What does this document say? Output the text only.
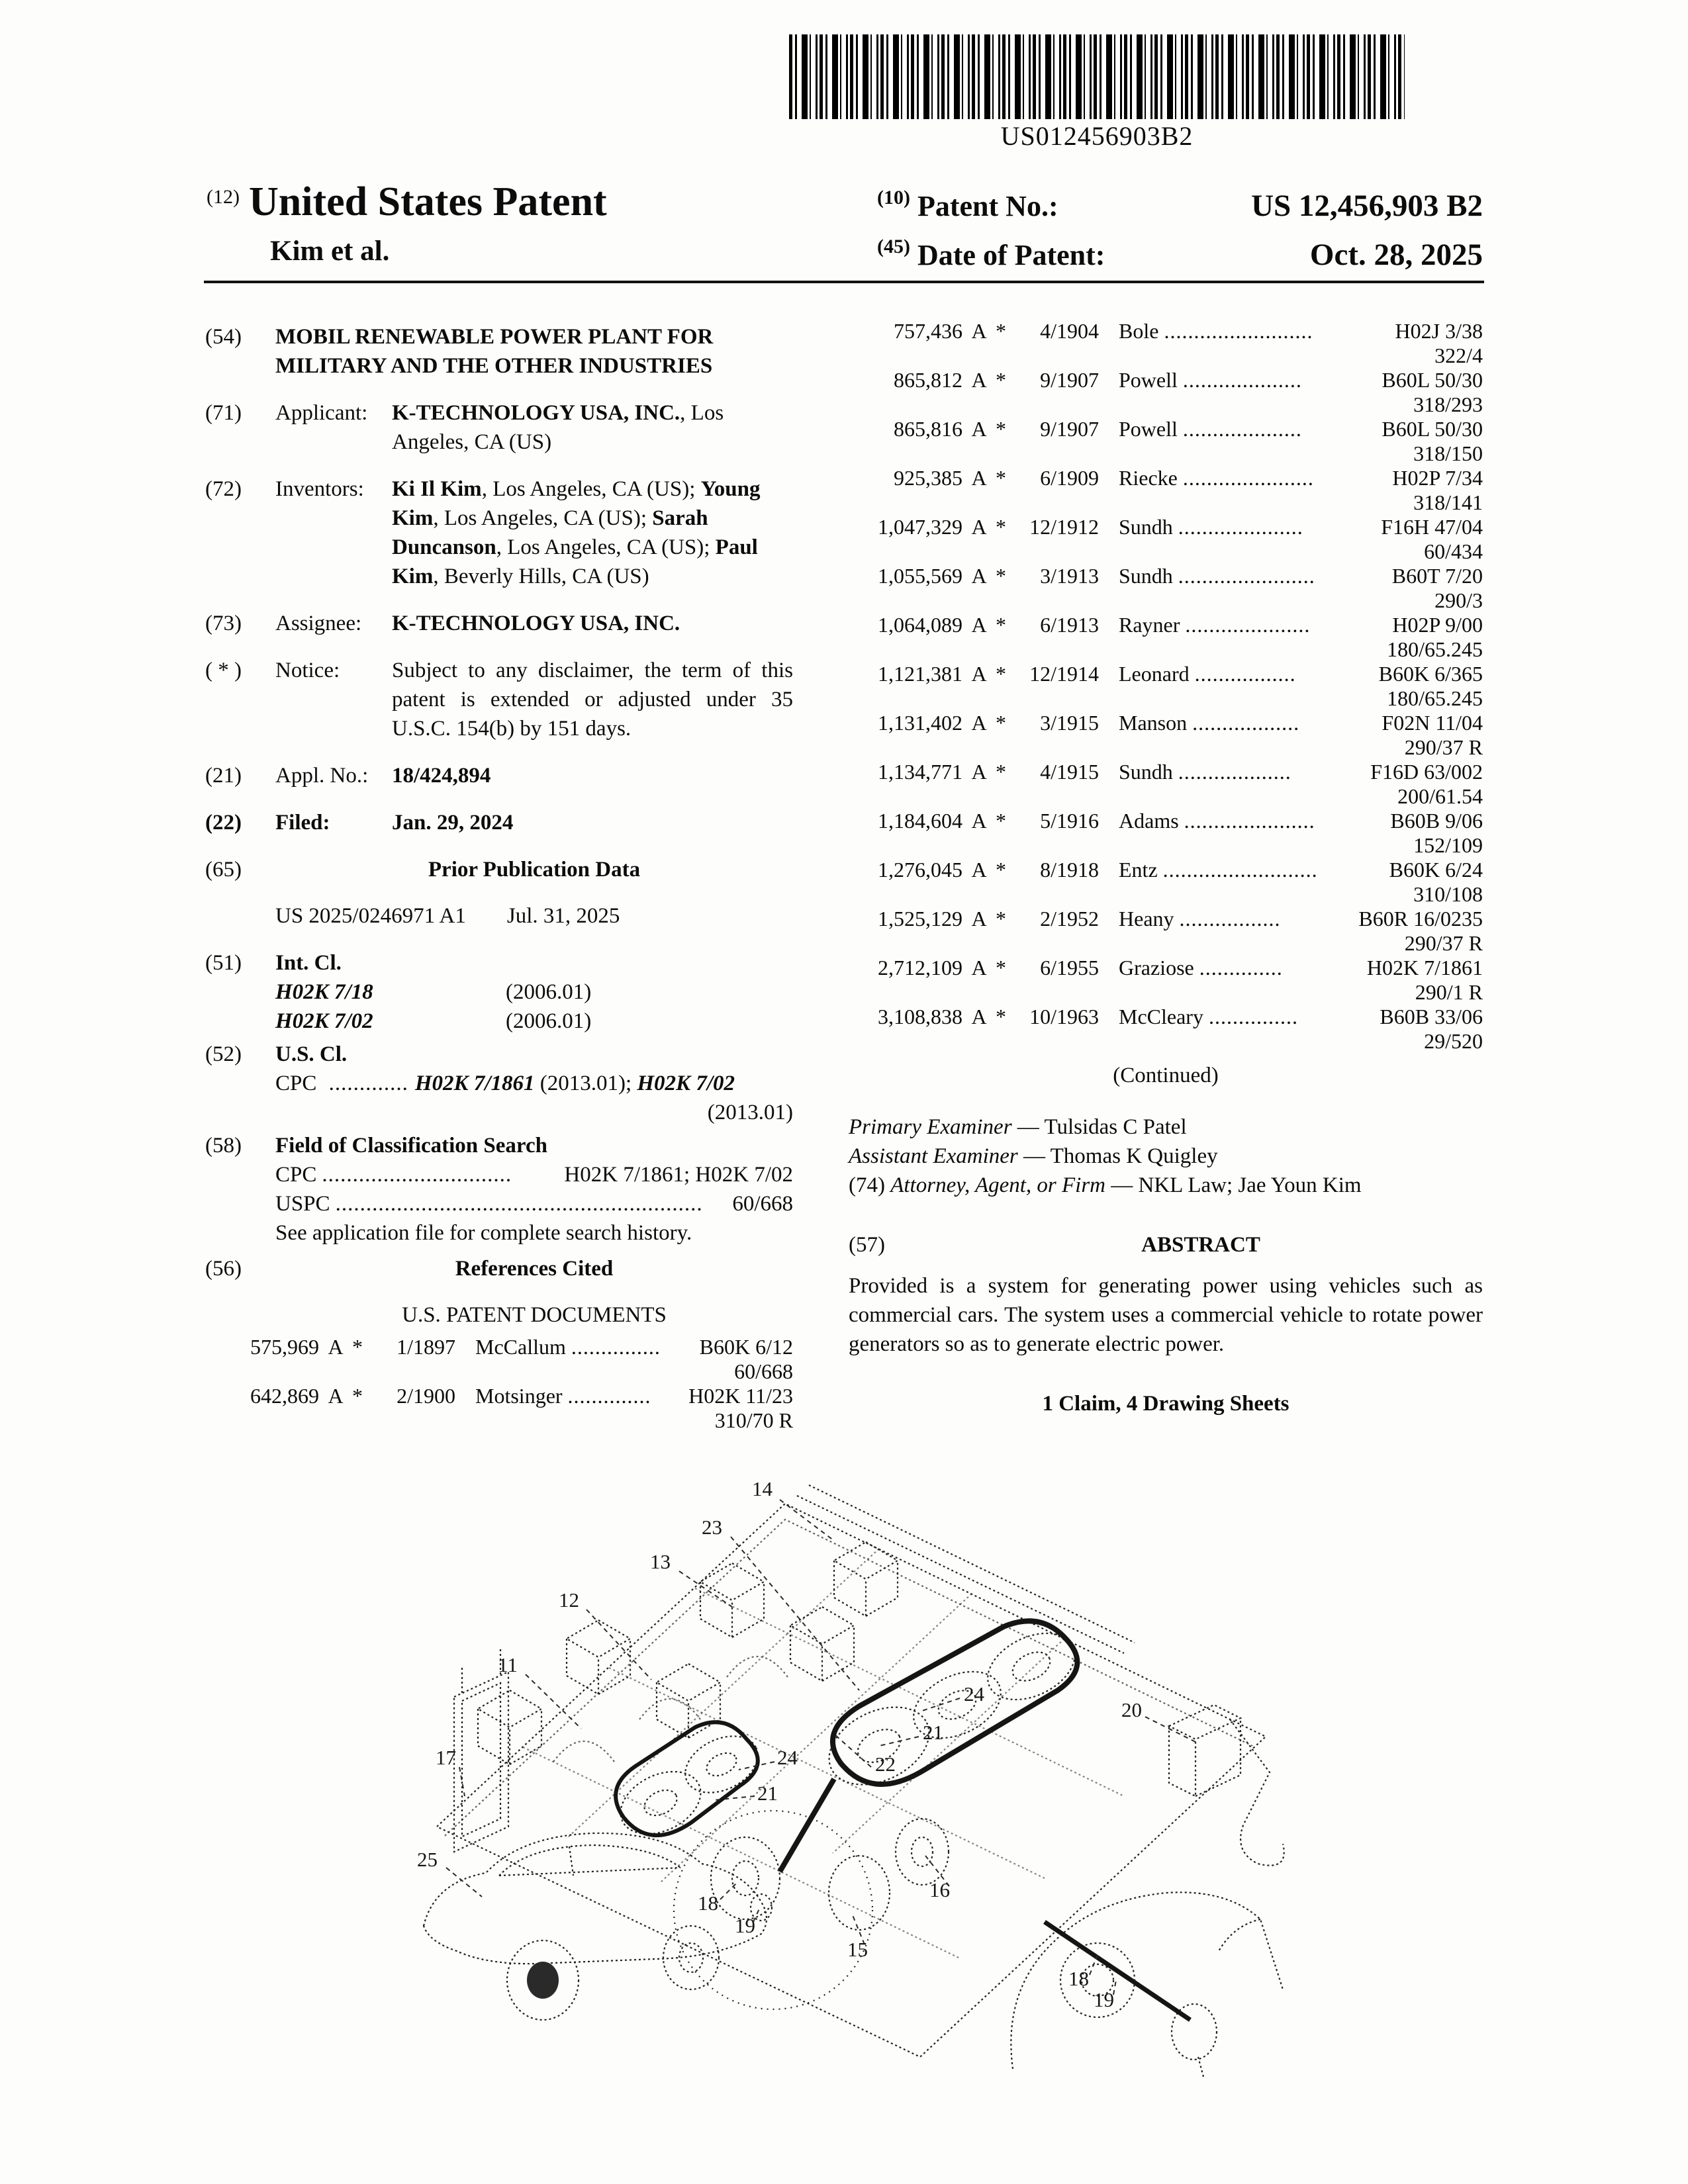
US012456903B2
(12) United States Patent
Kim et al.
$^{(10)}$ Patent No.:	US 12,456,903 B2
$^{(45)}$ Date of Patent:	Oct. 28, 2025
(54)	MOBIL RENEWABLE POWER PLANT FOR MILITARY AND THE OTHER INDUSTRIES
(71)	Applicant:	K-TECHNOLOGY USA, INC., Los Angeles, CA (US)
(72)	Inventors:	Ki Il Kim, Los Angeles, CA (US); Young Kim, Los Angeles, CA (US); Sarah Duncanson, Los Angeles, CA (US); Paul Kim, Beverly Hills, CA (US)
(73)	Assignee:	K-TECHNOLOGY USA, INC.
( * )	Notice:	Subject to any disclaimer, the term of this patent is extended or adjusted under 35 U.S.C. 154(b) by 151 days.
(21)	Appl. No.:	18/424,894
(22)	Filed:	Jan. 29, 2024
(65)	Prior Publication Data
US 2025/0246971 A1 Jul. 31, 2025
(51)	Int. Cl.
H02K 7/18	(2006.01)
H02K 7/02	(2006.01)
(52)	U.S. Cl.
CPC ............. H02K 7/1861 (2013.01); H02K 7/02
(2013.01)
(58)	Field of Classification Search
CPC ...............................	H02K 7/1861; H02K 7/02
USPC ............................................................	60/668
See application file for complete search history.
(56)	References Cited
U.S. PATENT DOCUMENTS
575,969 A *	1/1897 McCallum ...............	B60K 6/12
60/668
642,869 A *	2/1900 Motsinger ..............	H02K 11/23
310/70 R
757,436 A *	4/1904 Bole .........................	H02J 3/38
322/4
865,812 A *	9/1907 Powell ....................	B60L 50/30
318/293
865,816 A *	9/1907 Powell ....................	B60L 50/30
318/150
925,385 A *	6/1909 Riecke ......................	H02P 7/34
318/141
1,047,329 A *	12/1912 Sundh .....................	F16H 47/04
60/434
1,055,569 A *	3/1913 Sundh .......................	B60T 7/20
290/3
1,064,089 A *	6/1913 Rayner .....................	H02P 9/00
180/65.245
1,121,381 A *	12/1914 Leonard .................	B60K 6/365
180/65.245
1,131,402 A *	3/1915 Manson ..................	F02N 11/04
290/37 R
1,134,771 A *	4/1915 Sundh ...................	F16D 63/002
200/61.54
1,184,604 A *	5/1916 Adams ......................	B60B 9/06
152/109
1,276,045 A *	8/1918 Entz ..........................	B60K 6/24
310/108
1,525,129 A *	2/1952 Heany .................	B60R 16/0235
290/37 R
2,712,109 A *	6/1955 Graziose ..............	H02K 7/1861
290/1 R
3,108,838 A *	10/1963 McCleary ...............	B60B 33/06
29/520
(Continued)
Primary Examiner — Tulsidas C Patel
Assistant Examiner — Thomas K Quigley
(74) Attorney, Agent, or Firm — NKL Law; Jae Youn Kim
(57)	ABSTRACT
Provided is a system for generating power using vehicles such as commercial cars. The system uses a commercial vehicle to rotate power generators so as to generate electric power.
1 Claim, 4 Drawing Sheets
14
23
13
12
11
17
25
24
21
22
20
24
21
18
19
15
16
18
19
